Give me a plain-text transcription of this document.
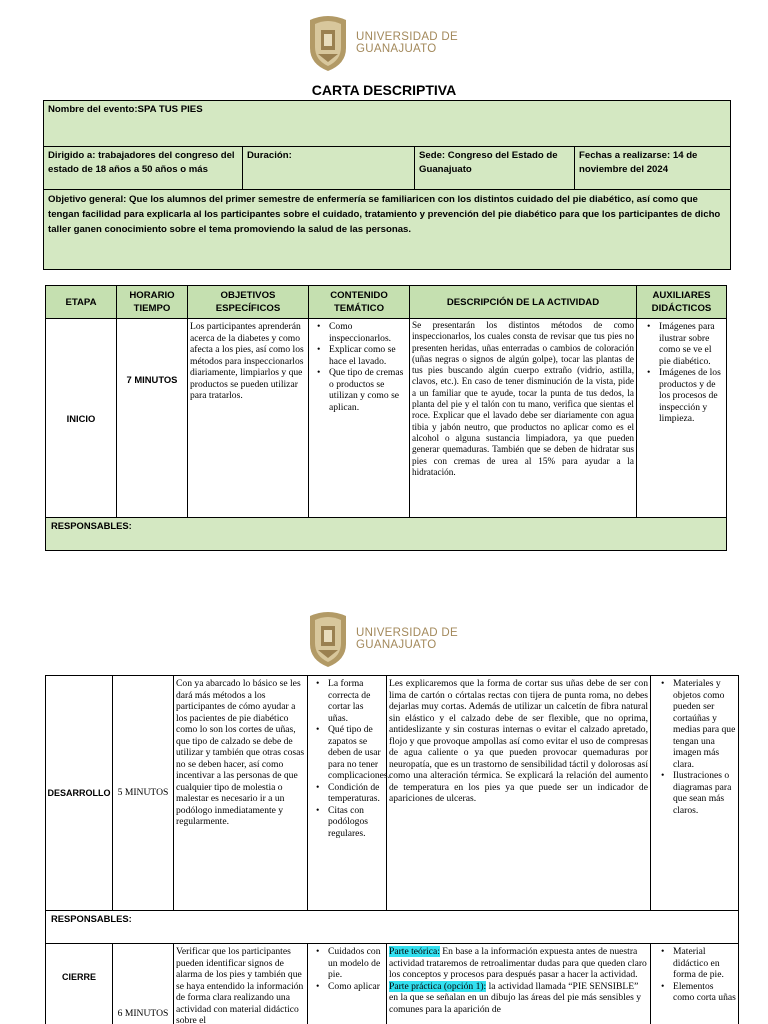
UNIVERSIDAD DE
GUANAJUATO
CARTA DESCRIPTIVA
Nombre del evento:SPA TUS PIES
Dirigido a: trabajadores del congreso del estado de 18 años a 50 años o más
Duración:	Sede: Congreso del Estado de Guanajuato
Fechas a realizarse: 14 de noviembre del 2024
Objetivo general: Que los alumnos del primer semestre de enfermería se familiaricen con los distintos cuidado del pie diabético, así como que tengan facilidad para explicarla al los participantes sobre el cuidado, tratamiento y prevención del pie diabético para que los participantes de dicho taller ganen conocimiento sobre el tema promoviendo la salud de las personas.
ETAPA
HORARIO TIEMPO
OBJETIVOS ESPECÍFICOS
CONTENIDO TEMÁTICO
DESCRIPCIÓN DE LA ACTIVIDAD
AUXILIARES DIDÁCTICOS
INICIO
7 MINUTOS
Los participantes aprenderán acerca de la diabetes y como afecta a los pies, así como los métodos para inspeccionarlos diariamente, limpiarlos y que productos se pueden utilizar para tratarlos.
• Como inspeccionarlos.
• Explicar como se hace el lavado.
• Que tipo de cremas o productos se utilizan y como se aplican.
Se presentarán los distintos métodos de como inspeccionarlos, los cuales consta de revisar que tus pies no presenten heridas, uñas enterradas o cambios de coloración (uñas negras o signos de algún golpe), tocar las plantas de tus pies buscando algún cuerpo extraño (vidrio, astilla, clavos, etc.). En caso de tener disminución de la vista, pide a un familiar que te ayude, tocar la punta de tus dedos, la planta del pie y el talón con tu mano, verifica que sientas el roce. Explicar que el lavado debe ser diariamente con agua tibia y jabón neutro, que productos no aplicar como es el alcohol o alguna sustancia limpiadora, ya que pueden generar quemaduras. También que se deben de hidratar sus pies con cremas de urea al 15% para ayudar a la hidratación.
• Imágenes para ilustrar sobre como se ve el pie diabético.
• Imágenes de los productos y de los procesos de inspección y limpieza.
RESPONSABLES:
UNIVERSIDAD DE
GUANAJUATO
DESARROLLO 5 MINUTOS
Con ya abarcado lo básico se les dará más métodos a los participantes de cómo ayudar a los pacientes de pie diabético como lo son los cortes de uñas, que tipo de calzado se debe de utilizar y también que otras cosas no se deben hacer, así como incentivar a las personas de que cualquier tipo de molestia o malestar es necesario ir a un podólogo inmediatamente y regularmente.
• La forma correcta de cortar las uñas.
• Qué tipo de zapatos se deben de usar para no tener complicaciones.
• Condición de temperaturas.
• Citas con podólogos regulares.
Les explicaremos que la forma de cortar sus uñas debe de ser con lima de cartón o córtalas rectas con tijera de punta roma, no debes dejarlas muy cortas. Además de utilizar un calcetín de fibra natural sin elástico y el calzado debe de ser flexible, que no oprima, antideslizante y sin costuras internas o evitar el calzado apretado, flojo y que provoque ampollas así como evitar el uso de compresas de agua caliente o ya que pueden provocar quemaduras por neuropatía, que es un trastorno de sensibilidad táctil y dolorosas así como una alteración térmica. Se explicará la relación del aumento de temperatura en los pies ya que puede ser un indicador de apariciones de ulceras.
• Materiales y objetos como pueden ser cortaúñas y medias para que tengan una imagen más clara.
• Ilustraciones o diagramas para que sean más claros.
RESPONSABLES:
CIERRE
6 MINUTOS
Verificar que los participantes pueden identificar signos de alarma de los pies y también que se haya entendido la información de forma clara realizando una actividad con material didáctico sobre el
• Cuidados con un modelo de pie.
• Como aplicar
Parte teórica: En base a la información expuesta antes de nuestra actividad trataremos de retroalimentar dudas para que queden claro los conceptos y procesos para después pasar a hacer la actividad.
Parte práctica (opción 1): la actividad llamada “PIE SENSIBLE” en la que se señalan en un dibujo las áreas del pie más sensibles y comunes para la aparición de
• Material didáctico en forma de pie.
• Elementos como corta uñas
